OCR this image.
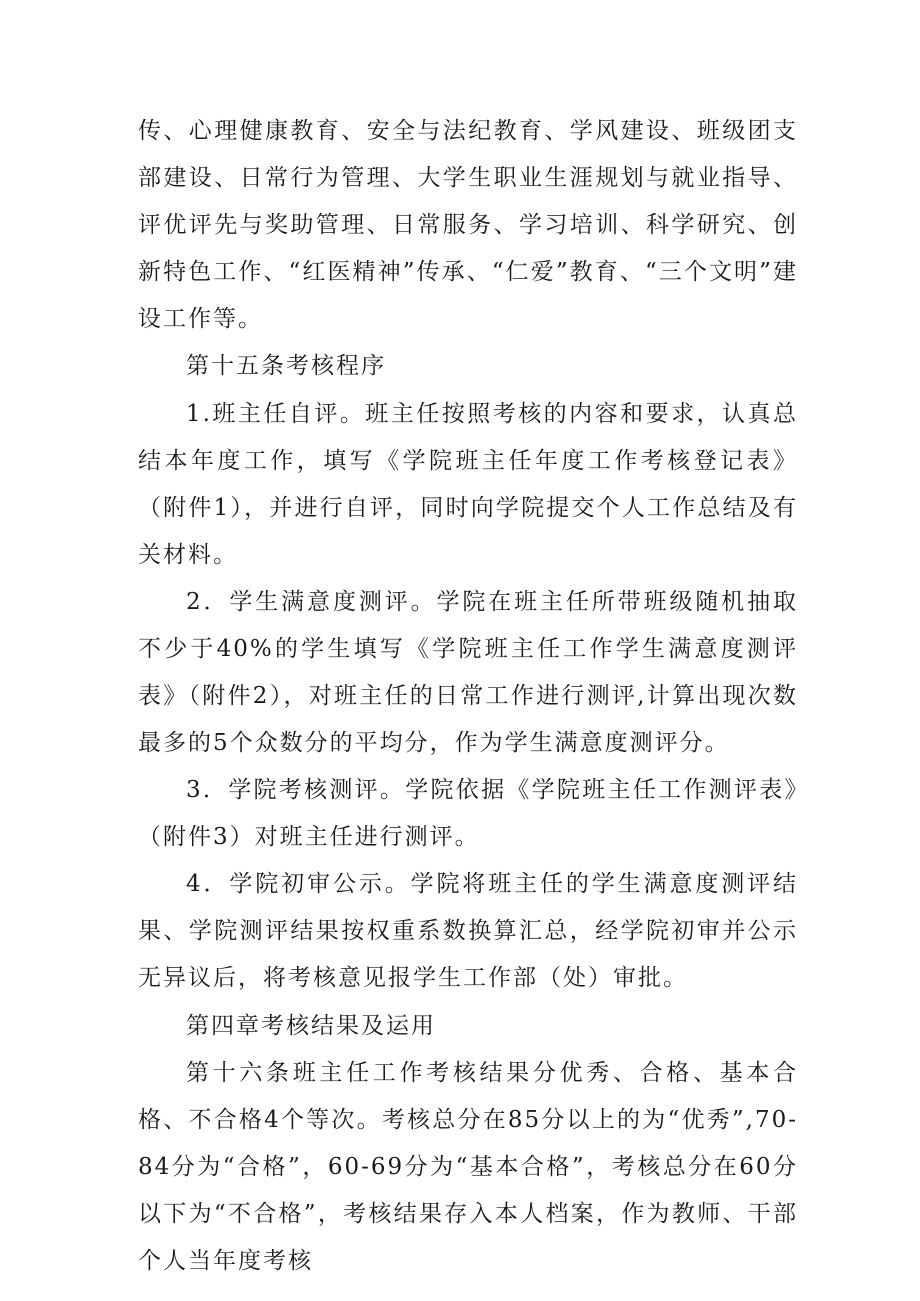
传、心理健康教育、安全与法纪教育、学风建设、班级团支部建设、日常行为管理、大学生职业生涯规划与就业指导、评优评先与奖助管理、日常服务、学习培训、科学研究、创新特色工作、“红医精神”传承、“仁爱”教育、“三个文明”建设工作等。

第十五条考核程序

1.班主任自评。班主任按照考核的内容和要求，认真总结本年度工作，填写《学院班主任年度工作考核登记表》（附件1），并进行自评，同时向学院提交个人工作总结及有关材料。

2．学生满意度测评。学院在班主任所带班级随机抽取不少于40%的学生填写《学院班主任工作学生满意度测评表》（附件2），对班主任的日常工作进行测评,计算出现次数最多的5个众数分的平均分，作为学生满意度测评分。

3．学院考核测评。学院依据《学院班主任工作测评表》（附件3）对班主任进行测评。

4．学院初审公示。学院将班主任的学生满意度测评结果、学院测评结果按权重系数换算汇总，经学院初审并公示无异议后，将考核意见报学生工作部（处）审批。

第四章考核结果及运用

第十六条班主任工作考核结果分优秀、合格、基本合格、不合格4个等次。考核总分在85分以上的为“优秀”,70-84分为“合格”，60-69分为“基本合格”，考核总分在60分以下为“不合格”，考核结果存入本人档案，作为教师、干部个人当年度考核
